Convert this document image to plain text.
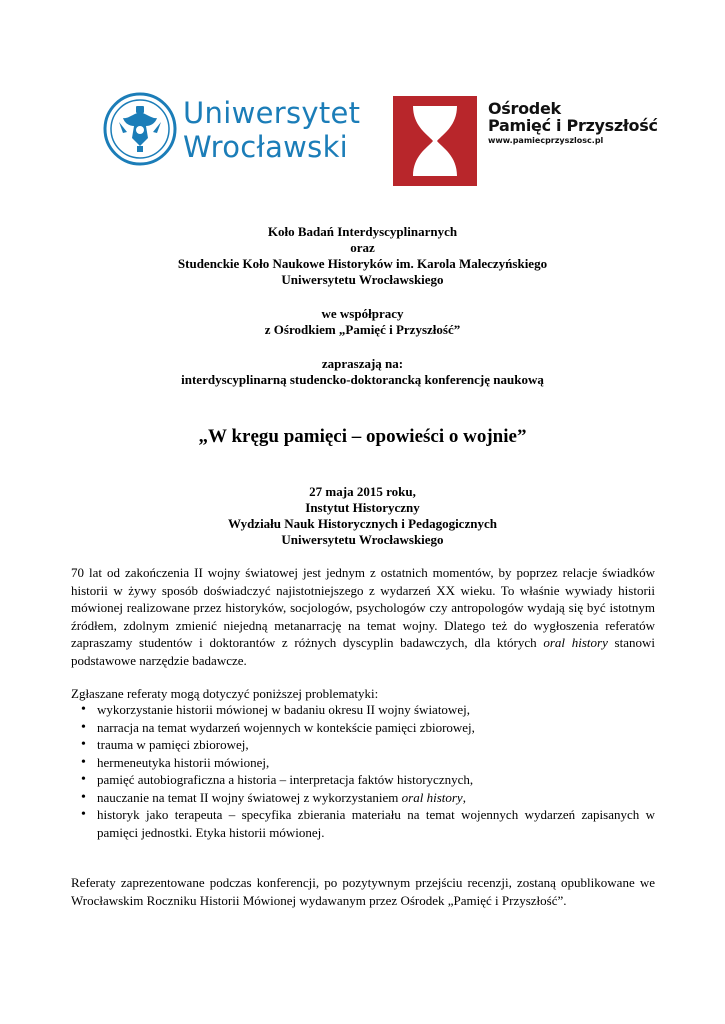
Uniwersytet
Wrocławski
Ośrodek
Pamięć i Przyszłość
www.pamiecprzyszlosc.pl
Koło Badań Interdyscyplinarnych
oraz
Studenckie Koło Naukowe Historyków im. Karola Maleczyńskiego
Uniwersytetu Wrocławskiego
we współpracy
z Ośrodkiem „Pamięć i Przyszłość”
zapraszają na:
interdyscyplinarną studencko-doktorancką konferencję naukową
„W kręgu pamięci – opowieści o wojnie”
27 maja 2015 roku,
Instytut Historyczny
Wydziału Nauk Historycznych i Pedagogicznych
Uniwersytetu Wrocławskiego
70 lat od zakończenia II wojny światowej jest jednym z ostatnich momentów, by poprzez relacje świadków historii w żywy sposób doświadczyć najistotniejszego z wydarzeń XX wieku. To właśnie wywiady historii mówionej realizowane przez historyków, socjologów, psychologów czy antropologów wydają się być istotnym źródłem, zdolnym zmienić niejedną metanarrację na temat wojny. Dlatego też do wygłoszenia referatów zapraszamy studentów i doktorantów z różnych dyscyplin badawczych, dla których oral history stanowi podstawowe narzędzie badawcze.
Zgłaszane referaty mogą dotyczyć poniższej problematyki:
• wykorzystanie historii mówionej w badaniu okresu II wojny światowej,
• narracja na temat wydarzeń wojennych w kontekście pamięci zbiorowej,
• trauma w pamięci zbiorowej,
• hermeneutyka historii mówionej,
• pamięć autobiograficzna a historia – interpretacja faktów historycznych,
• nauczanie na temat II wojny światowej z wykorzystaniem oral history,
• historyk jako terapeuta – specyfika zbierania materiału na temat wojennych wydarzeń zapisanych w pamięci jednostki. Etyka historii mówionej.
Referaty zaprezentowane podczas konferencji, po pozytywnym przejściu recenzji, zostaną opublikowane we Wrocławskim Roczniku Historii Mówionej wydawanym przez Ośrodek „Pamięć i Przyszłość”.
